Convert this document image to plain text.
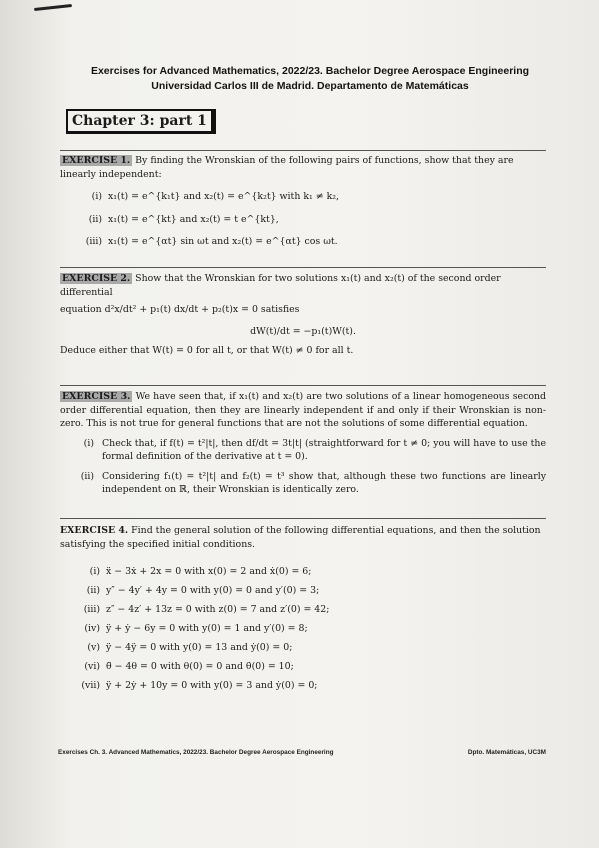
Exercises for Advanced Mathematics, 2022/23. Bachelor Degree Aerospace Engineering
Universidad Carlos III de Madrid. Departamento de Matemáticas
Chapter 3: part 1
EXERCISE 1. By finding the Wronskian of the following pairs of functions, show that they are linearly independent:
(i) x₁(t) = e^{k₁t} and x₂(t) = e^{k₂t} with k₁ ≠ k₂,
(ii) x₁(t) = e^{kt} and x₂(t) = t e^{kt},
(iii) x₁(t) = e^{αt} sin ωt and x₂(t) = e^{αt} cos ωt.
EXERCISE 2. Show that the Wronskian for two solutions x₁(t) and x₂(t) of the second order differential
equation d²x/dt² + p₁(t) dx/dt + p₂(t)x = 0 satisfies
dW(t)/dt = −p₁(t)W(t).
Deduce either that W(t) = 0 for all t, or that W(t) ≠ 0 for all t.
EXERCISE 3. We have seen that, if x₁(t) and x₂(t) are two solutions of a linear homogeneous second order differential equation, then they are linearly independent if and only if their Wronskian is non-zero. This is not true for general functions that are not the solutions of some differential equation.
(i) Check that, if f(t) = t²|t|, then df/dt = 3t|t| (straightforward for t ≠ 0; you will have to use the formal definition of the derivative at t = 0).
(ii) Considering f₁(t) = t²|t| and f₂(t) = t³ show that, although these two functions are linearly independent on ℝ, their Wronskian is identically zero.
EXERCISE 4. Find the general solution of the following differential equations, and then the solution satisfying the specified initial conditions.
(i) ẍ − 3ẋ + 2x = 0 with x(0) = 2 and ẋ(0) = 6;
(ii) y″ − 4y′ + 4y = 0 with y(0) = 0 and y′(0) = 3;
(iii) z″ − 4z′ + 13z = 0 with z(0) = 7 and z′(0) = 42;
(iv) ÿ + ẏ − 6y = 0 with y(0) = 1 and y′(0) = 8;
(v) ÿ − 4ÿ = 0 with y(0) = 13 and ẏ(0) = 0;
(vi) θ̈ − 4θ = 0 with θ(0) = 0 and θ̇(0) = 10;
(vii) ÿ + 2ẏ + 10y = 0 with y(0) = 3 and ẏ(0) = 0;
Exercises Ch. 3. Advanced Mathematics, 2022/23. Bachelor Degree Aerospace Engineering	Dpto. Matemáticas, UC3M
